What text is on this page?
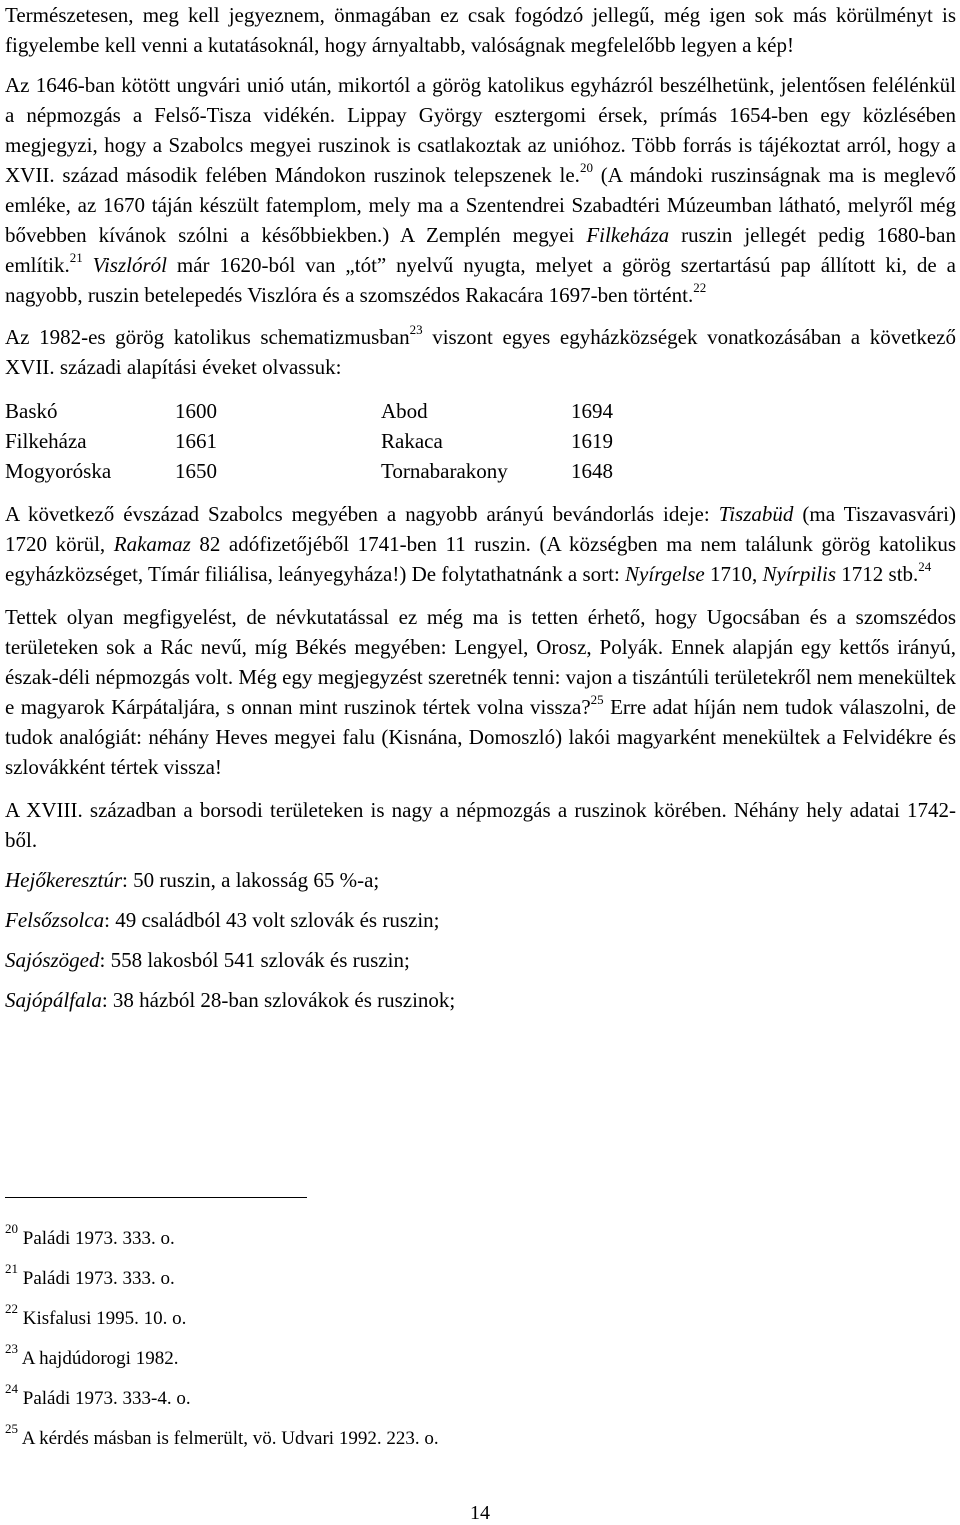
Természetesen, meg kell jegyeznem, önmagában ez csak fogódzó jellegű, még igen sok más körülményt is figyelembe kell venni a kutatásoknál, hogy árnyaltabb, valóságnak megfelelőbb legyen a kép!

Az 1646-ban kötött ungvári unió után, mikortól a görög katolikus egyházról beszélhetünk, jelentősen felélénkül a népmozgás a Felső-Tisza vidékén. Lippay György esztergomi érsek, prímás 1654-ben egy közlésében megjegyzi, hogy a Szabolcs megyei ruszinok is csatlakoztak az unióhoz. Több forrás is tájékoztat arról, hogy a XVII. század második felében Mándokon ruszinok telepszenek le.$^{20}$ (A mándoki ruszinságnak ma is meglevő emléke, az 1670 táján készült fatemplom, mely ma a Szentendrei Szabadtéri Múzeumban látható, melyről még bővebben kívánok szólni a későbbiekben.) A Zemplén megyei Filkeháza ruszin jellegét pedig 1680-ban említik.$^{21}$ Viszlóról már 1620-ból van „tót” nyelvű nyugta, melyet a görög szertartású pap állított ki, de a nagyobb, ruszin betelepedés Viszlóra és a szomszédos Rakacára 1697-ben történt.$^{22}$

Az 1982-es görög katolikus schematizmusban$^{23}$ viszont egyes egyházközségek vonatkozásában a következő XVII. századi alapítási éveket olvassuk:

Baskó	1600	Abod	1694
Filkeháza	1661	Rakaca	1619
Mogyoróska	1650	Tornabarakony	1648

A következő évszázad Szabolcs megyében a nagyobb arányú bevándorlás ideje: Tiszabüd (ma Tiszavasvári) 1720 körül, Rakamaz 82 adófizetőjéből 1741-ben 11 ruszin. (A községben ma nem találunk görög katolikus egyházközséget, Tímár filiálisa, leányegyháza!) De folytathatnánk a sort: Nyírgelse 1710, Nyírpilis 1712 stb.$^{24}$

Tettek olyan megfigyelést, de névkutatással ez még ma is tetten érhető, hogy Ugocsában és a szomszédos területeken sok a Rác nevű, míg Békés megyében: Lengyel, Orosz, Polyák. Ennek alapján egy kettős irányú, észak-déli népmozgás volt. Még egy megjegyzést szeretnék tenni: vajon a tiszántúli területekről nem menekültek e magyarok Kárpátaljára, s onnan mint ruszinok tértek volna vissza?$^{25}$ Erre adat híján nem tudok válaszolni, de tudok analógiát: néhány Heves megyei falu (Kisnána, Domoszló) lakói magyarként menekültek a Felvidékre és szlovákként tértek vissza!

A XVIII. században a borsodi területeken is nagy a népmozgás a ruszinok körében. Néhány hely adatai 1742-ből.

Hejőkeresztúr: 50 ruszin, a lakosság 65 %-a;
Felsőzsolca: 49 családból 43 volt szlovák és ruszin;
Sajószöged: 558 lakosból 541 szlovák és ruszin;
Sajópálfala: 38 házból 28-ban szlovákok és ruszinok;
$^{20}$ Paládi 1973. 333. o.
$^{21}$ Paládi 1973. 333. o.
$^{22}$ Kisfalusi 1995. 10. o.
$^{23}$ A hajdúdorogi 1982.
$^{24}$ Paládi 1973. 333-4. o.
$^{25}$ A kérdés másban is felmerült, vö. Udvari 1992. 223. o.
14
